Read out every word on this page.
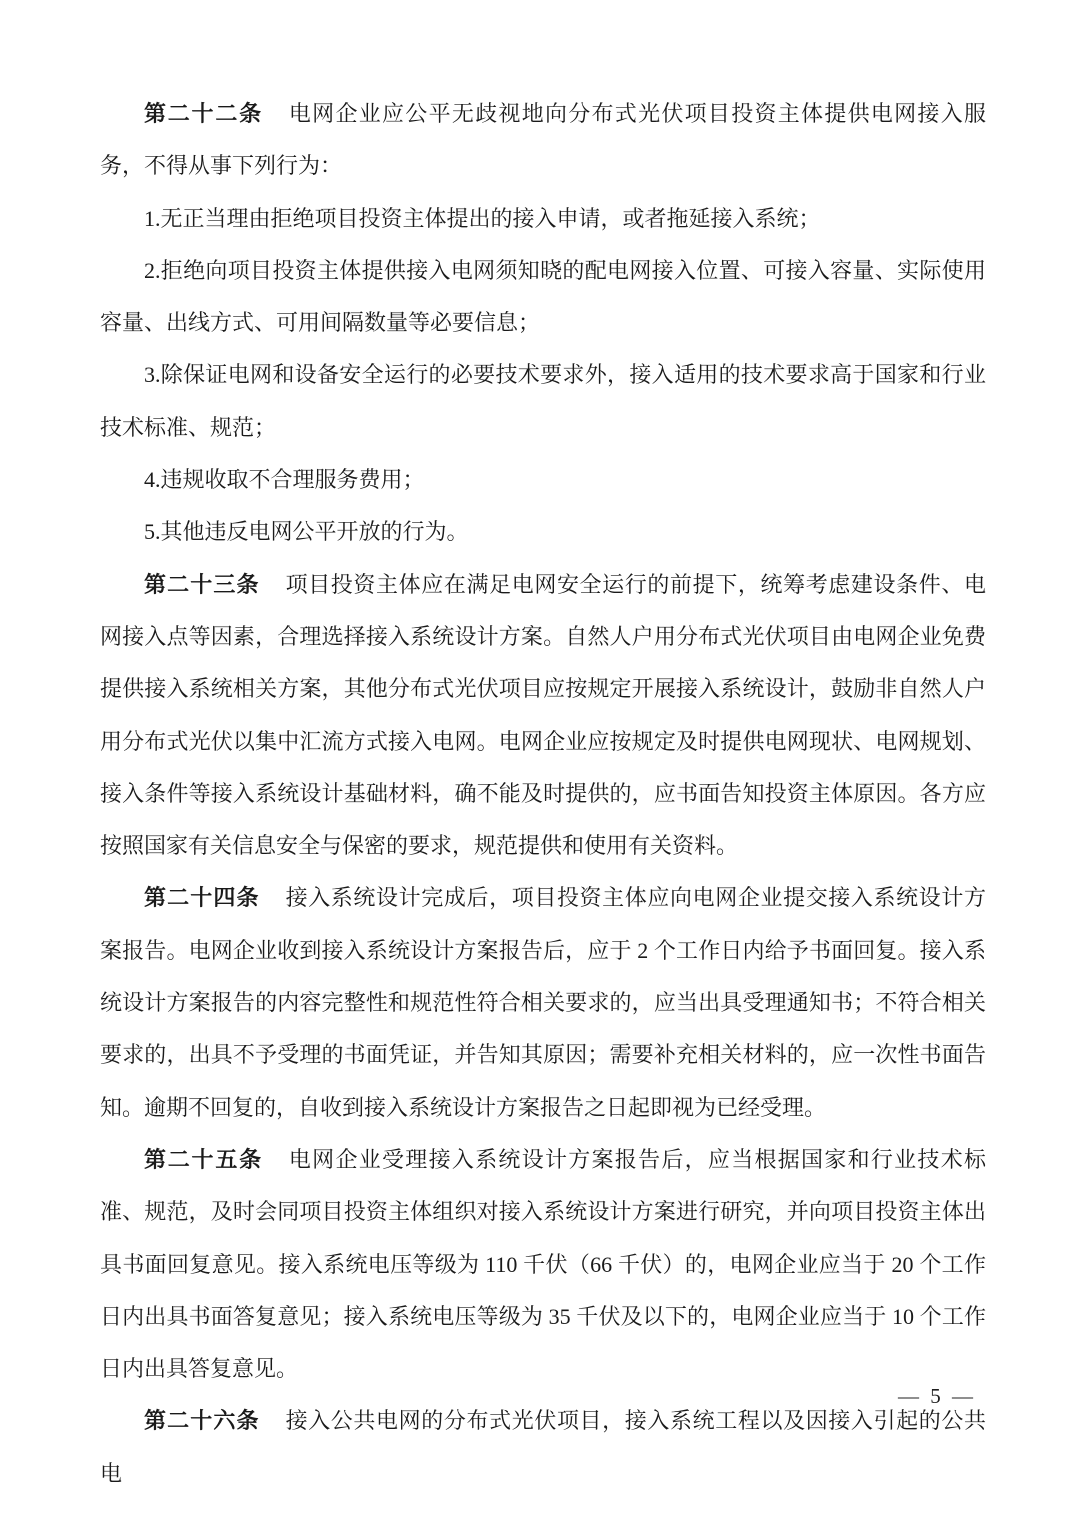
第二十二条 电网企业应公平无歧视地向分布式光伏项目投资主体提供电网接入服务，不得从事下列行为：

1.无正当理由拒绝项目投资主体提出的接入申请，或者拖延接入系统；

2.拒绝向项目投资主体提供接入电网须知晓的配电网接入位置、可接入容量、实际使用容量、出线方式、可用间隔数量等必要信息；

3.除保证电网和设备安全运行的必要技术要求外，接入适用的技术要求高于国家和行业技术标准、规范；

4.违规收取不合理服务费用；

5.其他违反电网公平开放的行为。

第二十三条 项目投资主体应在满足电网安全运行的前提下，统筹考虑建设条件、电网接入点等因素，合理选择接入系统设计方案。自然人户用分布式光伏项目由电网企业免费提供接入系统相关方案，其他分布式光伏项目应按规定开展接入系统设计，鼓励非自然人户用分布式光伏以集中汇流方式接入电网。电网企业应按规定及时提供电网现状、电网规划、接入条件等接入系统设计基础材料，确不能及时提供的，应书面告知投资主体原因。各方应按照国家有关信息安全与保密的要求，规范提供和使用有关资料。

第二十四条 接入系统设计完成后，项目投资主体应向电网企业提交接入系统设计方案报告。电网企业收到接入系统设计方案报告后，应于 2 个工作日内给予书面回复。接入系统设计方案报告的内容完整性和规范性符合相关要求的，应当出具受理通知书；不符合相关要求的，出具不予受理的书面凭证，并告知其原因；需要补充相关材料的，应一次性书面告知。逾期不回复的，自收到接入系统设计方案报告之日起即视为已经受理。

第二十五条 电网企业受理接入系统设计方案报告后，应当根据国家和行业技术标准、规范，及时会同项目投资主体组织对接入系统设计方案进行研究，并向项目投资主体出具书面回复意见。接入系统电压等级为 110 千伏（66 千伏）的，电网企业应当于 20 个工作日内出具书面答复意见；接入系统电压等级为 35 千伏及以下的，电网企业应当于 10 个工作日内出具答复意见。

第二十六条 接入公共电网的分布式光伏项目，接入系统工程以及因接入引起的公共电

— 5 —
